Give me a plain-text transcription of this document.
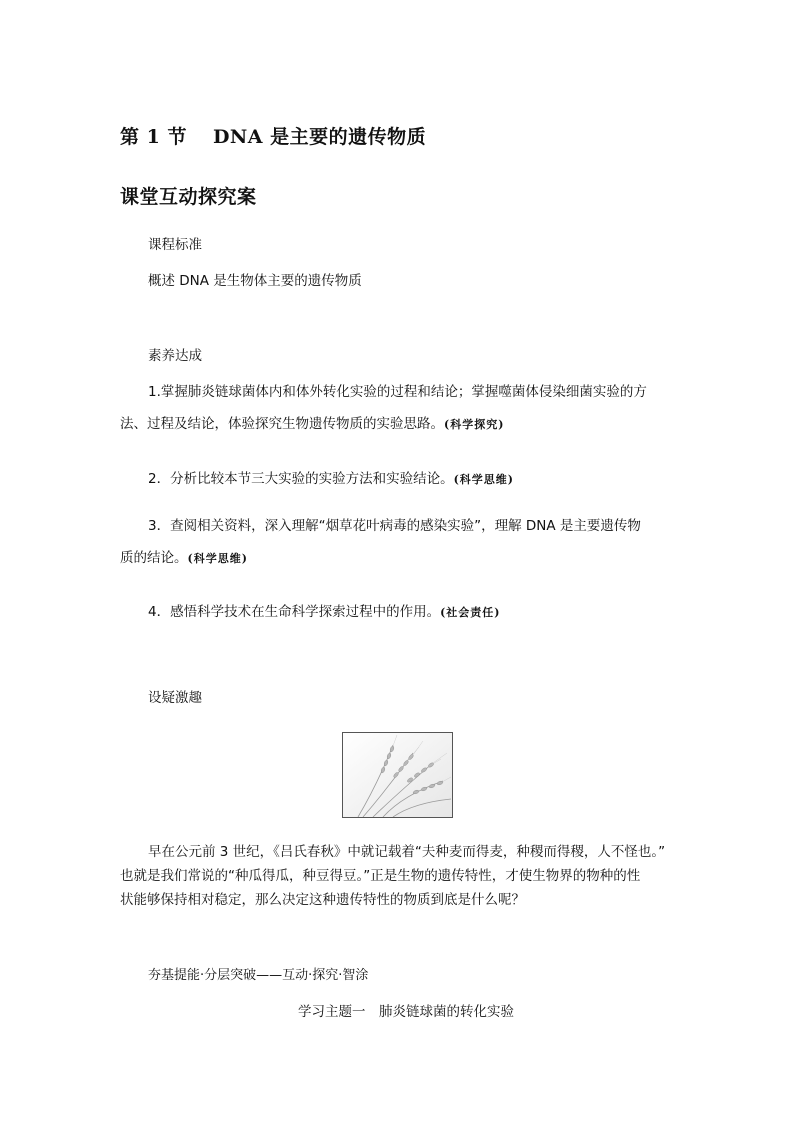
第 1 节 DNA 是主要的遗传物质
课堂互动探究案
课程标准
概述 DNA 是生物体主要的遗传物质
素养达成
1.掌握肺炎链球菌体内和体外转化实验的过程和结论；掌握噬菌体侵染细菌实验的方
法、过程及结论，体验探究生物遗传物质的实验思路。(科学探究)
2．分析比较本节三大实验的实验方法和实验结论。(科学思维)
3．查阅相关资料，深入理解“烟草花叶病毒的感染实验”，理解 DNA 是主要遗传物
质的结论。(科学思维)
4．感悟科学技术在生命科学探索过程中的作用。(社会责任)
设疑激趣
早在公元前 3 世纪，《吕氏春秋》中就记载着“夫种麦而得麦，种稷而得稷，人不怪也。”
也就是我们常说的“种瓜得瓜，种豆得豆。”正是生物的遗传特性，才使生物界的物种的性
状能够保持相对稳定，那么决定这种遗传特性的物质到底是什么呢？
夯基提能·分层突破——互动·探究·智涂
学习主题一　肺炎链球菌的转化实验
